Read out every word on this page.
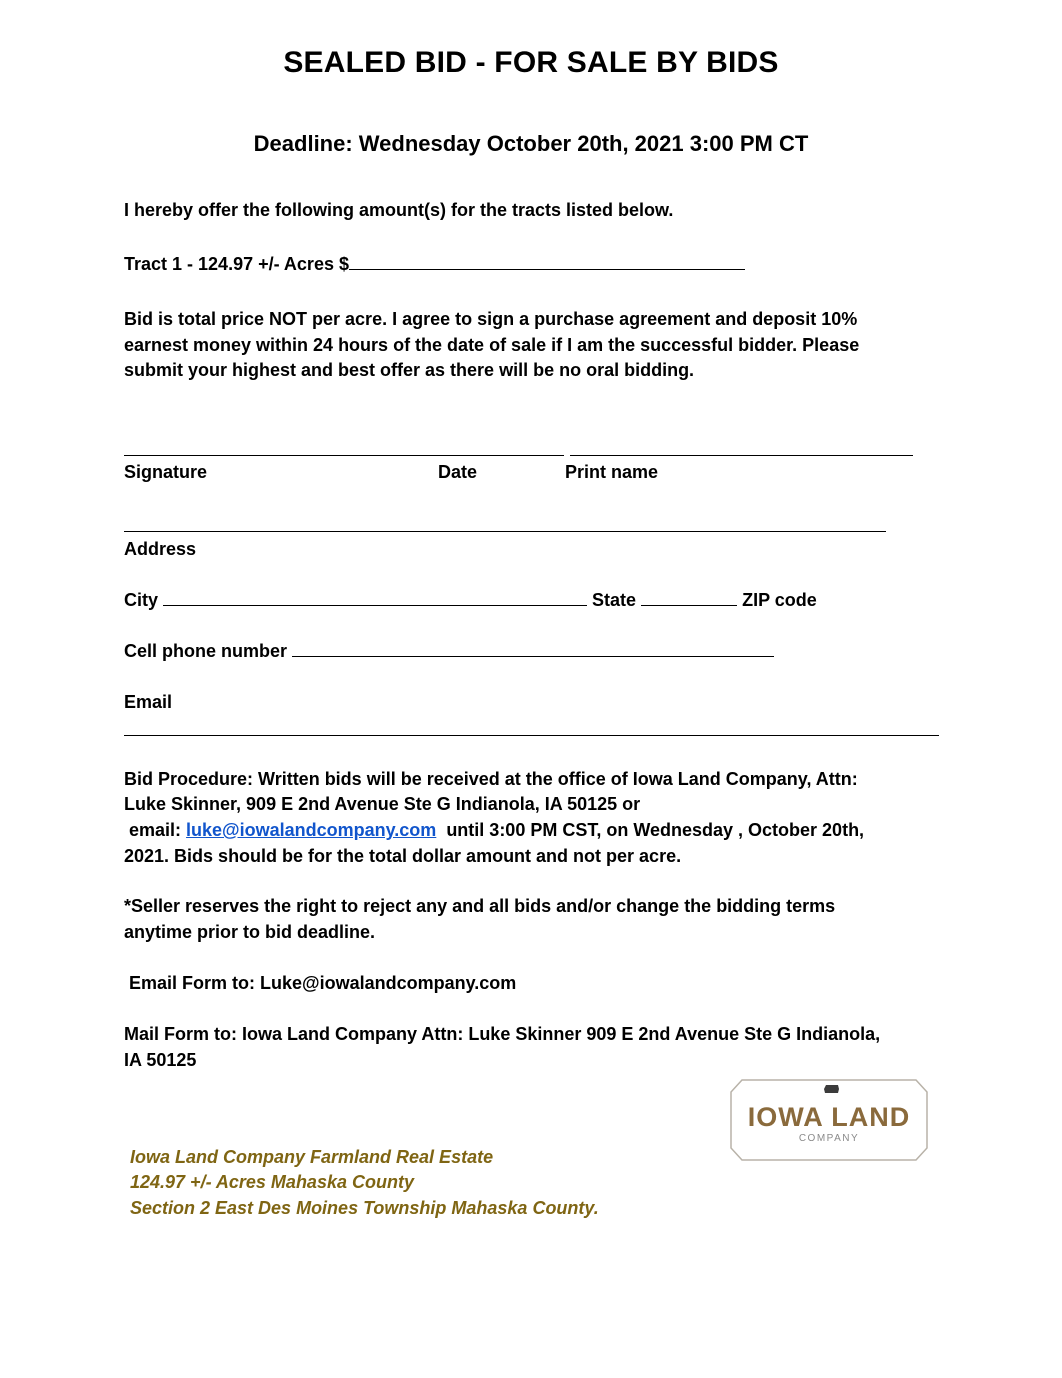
SEALED BID - FOR SALE BY BIDS
Deadline: Wednesday October 20th, 2021 3:00 PM CT
I hereby offer the following amount(s) for the tracts listed below.
Tract 1 - 124.97 +/- Acres $
Bid is total price NOT per acre. I agree to sign a purchase agreement and deposit 10%
earnest money within 24 hours of the date of sale if I am the successful bidder. Please
submit your highest and best offer as there will be no oral bidding.
Signature	Date	Print name
Address
City	State	ZIP code
Cell phone number
Email
Bid Procedure: Written bids will be received at the office of Iowa Land Company, Attn:
Luke Skinner, 909 E 2nd Avenue Ste G Indianola, IA 50125 or
email: luke@iowalandcompany.com  until 3:00 PM CST, on Wednesday , October 20th,
2021. Bids should be for the total dollar amount and not per acre.
*Seller reserves the right to reject any and all bids and/or change the bidding terms
anytime prior to bid deadline.
Email Form to: Luke@iowalandcompany.com
Mail Form to: Iowa Land Company Attn: Luke Skinner 909 E 2nd Avenue Ste G Indianola,
IA 50125
IOWA LAND
COMPANY
Iowa Land Company Farmland Real Estate
124.97 +/- Acres Mahaska County
Section 2 East Des Moines Township Mahaska County.
